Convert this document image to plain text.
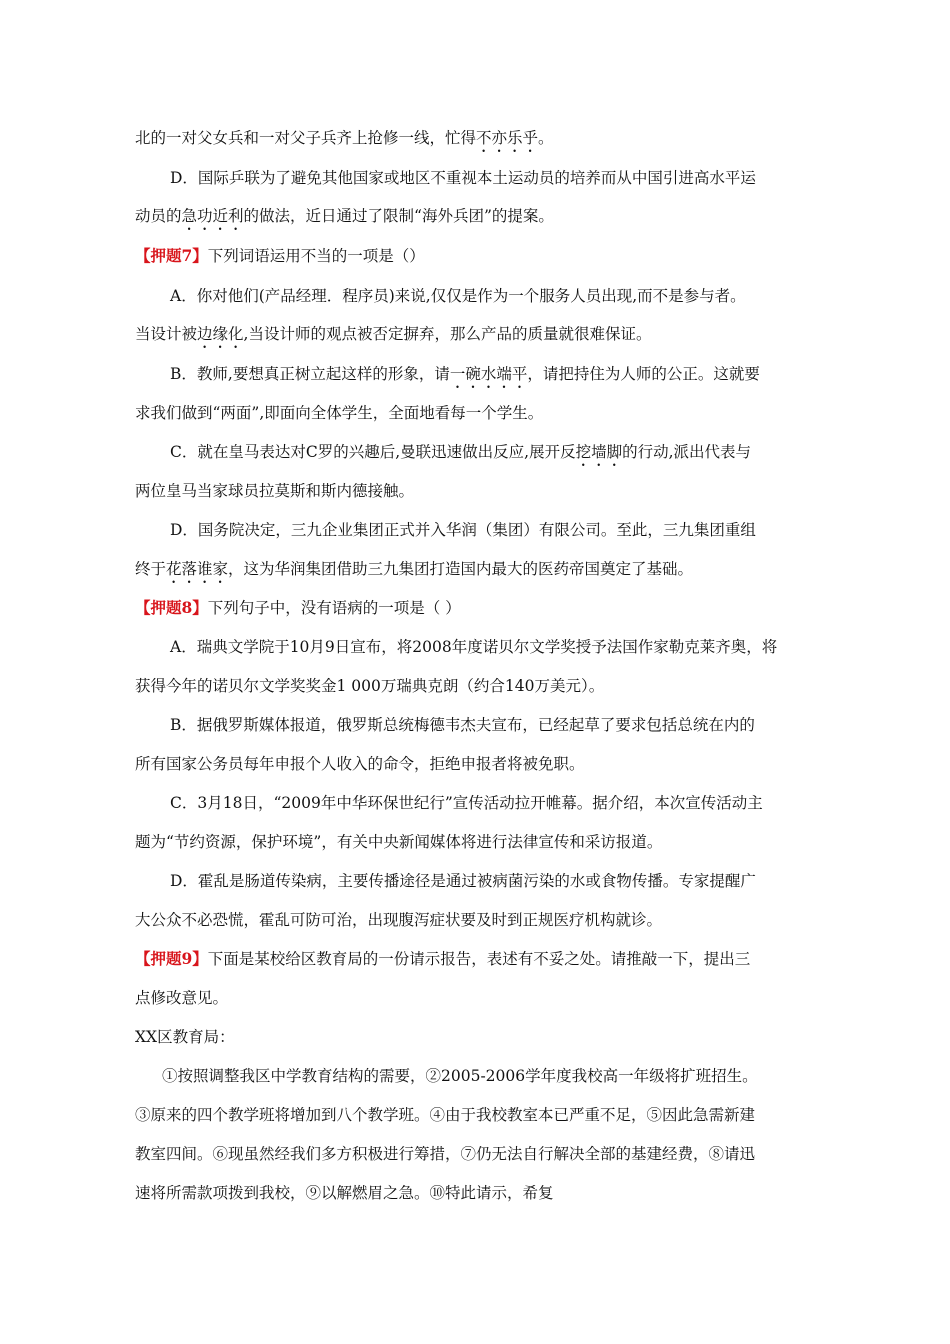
北的一对父女兵和一对父子兵齐上抢修一线，忙得不亦乐乎。
D．国际乒联为了避免其他国家或地区不重视本土运动员的培养而从中国引进高水平运
动员的急功近利的做法，近日通过了限制“海外兵团”的提案。
【押题7】下列词语运用不当的一项是（）
A．你对他们(产品经理．程序员)来说,仅仅是作为一个服务人员出现,而不是参与者。
当设计被边缘化,当设计师的观点被否定摒弃，那么产品的质量就很难保证。
B．教师,要想真正树立起这样的形象，请一碗水端平，请把持住为人师的公正。这就要
求我们做到“两面”,即面向全体学生，全面地看每一个学生。
C．就在皇马表达对C罗的兴趣后,曼联迅速做出反应,展开反挖墙脚的行动,派出代表与
两位皇马当家球员拉莫斯和斯内德接触。
D．国务院决定，三九企业集团正式并入华润（集团）有限公司。至此，三九集团重组
终于花落谁家，这为华润集团借助三九集团打造国内最大的医药帝国奠定了基础。
【押题8】下列句子中，没有语病的一项是（ ）
A．瑞典文学院于10月9日宣布，将2008年度诺贝尔文学奖授予法国作家勒克莱齐奥，将
获得今年的诺贝尔文学奖奖金1 000万瑞典克朗（约合140万美元）。
B．据俄罗斯媒体报道，俄罗斯总统梅德韦杰夫宣布，已经起草了要求包括总统在内的
所有国家公务员每年申报个人收入的命令，拒绝申报者将被免职。
C．3月18日，“2009年中华环保世纪行”宣传活动拉开帷幕。据介绍，本次宣传活动主
题为“节约资源，保护环境”，有关中央新闻媒体将进行法律宣传和采访报道。
D．霍乱是肠道传染病，主要传播途径是通过被病菌污染的水或食物传播。专家提醒广
大公众不必恐慌，霍乱可防可治，出现腹泻症状要及时到正规医疗机构就诊。
【押题9】下面是某校给区教育局的一份请示报告，表述有不妥之处。请推敲一下，提出三
点修改意见。
XX区教育局：
①按照调整我区中学教育结构的需要，②2005-2006学年度我校高一年级将扩班招生。
③原来的四个教学班将增加到八个教学班。④由于我校教室本已严重不足，⑤因此急需新建
教室四间。⑥现虽然经我们多方积极进行筹措，⑦仍无法自行解决全部的基建经费，⑧请迅
速将所需款项拨到我校，⑨以解燃眉之急。⑩特此请示，希复
